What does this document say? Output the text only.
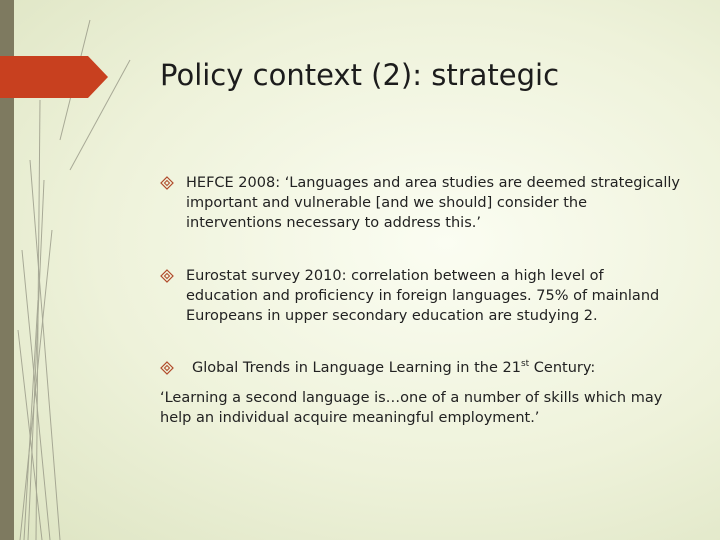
Policy context (2): strategic
HEFCE 2008: ‘Languages and area studies are deemed strategically important and vulnerable [and we should] consider the interventions necessary to address this.’
Eurostat survey 2010: correlation between a high level of education and proficiency in foreign languages. 75% of mainland Europeans in upper secondary education are studying 2.
Global Trends in Language Learning in the 21st Century:
‘Learning a second language is…one of a number of skills which may help an individual acquire meaningful employment.’
